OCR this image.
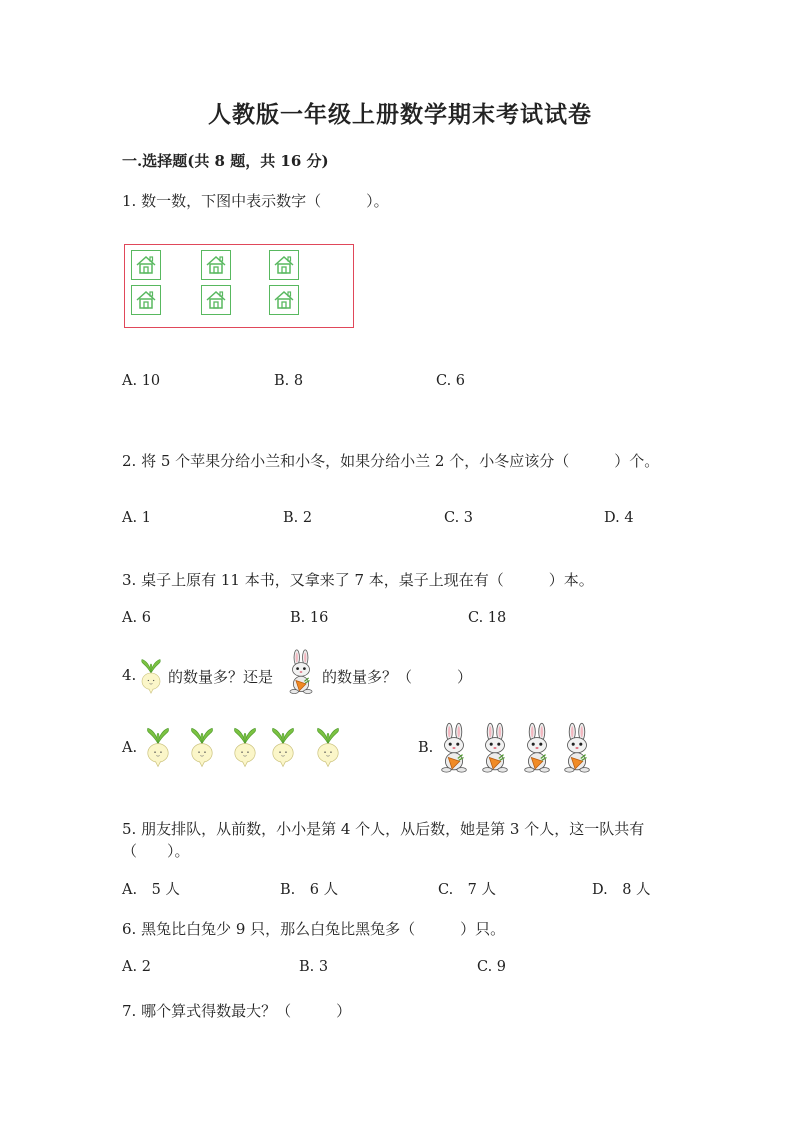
人教版一年级上册数学期末考试试卷
一.选择题(共 8 题，共 16 分)
1. 数一数，下图中表示数字（　　　）。
A. 10	B. 8	C. 6
2. 将 5 个苹果分给小兰和小冬，如果分给小兰 2 个，小冬应该分（　　　）个。
A. 1	B. 2	C. 3	D. 4
3. 桌子上原有 11 本书，又拿来了 7 本，桌子上现在有（　　　）本。
A. 6	B. 16	C. 18
4. 的数量多？还是	的数量多？（　　　）
A.	B.
5. 朋友排队，从前数，小小是第 4 个人，从后数，她是第 3 个人，这一队共有
（　　）。
A.　5 人	B.　6 人	C.　7 人	D.　8 人
6. 黑兔比白兔少 9 只，那么白兔比黑兔多（　　　）只。
A. 2	B. 3	C. 9
7. 哪个算式得数最大？（　　　）
